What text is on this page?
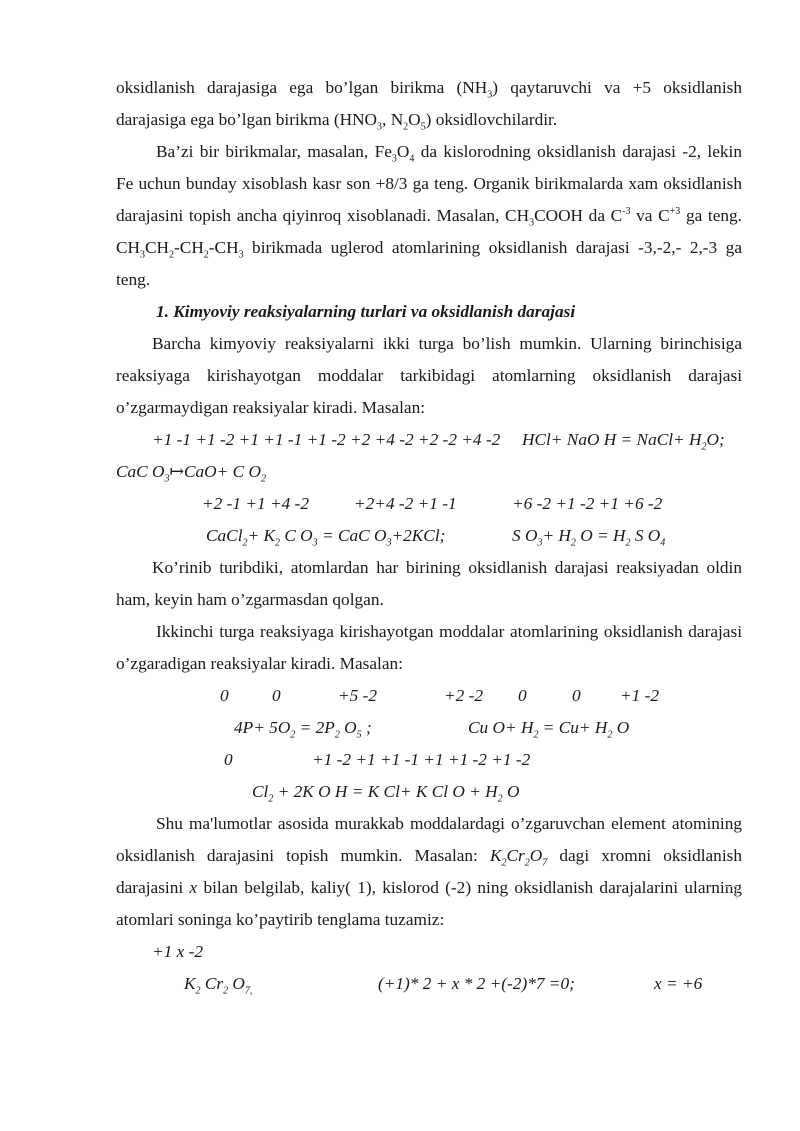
oksidlanish darajasiga ega bo’lgan birikma $(NH_3)$ qaytaruvchi va +5 oksidlanish darajasiga ega bo’lgan birikma ($HNO_3$, $N_2O_5$) oksidlovchilardir.

Ba’zi bir birikmalar, masalan, $Fe_3O_4$ da kislorodning oksidlanish darajasi -2, lekin Fe uchun bunday xisoblash kasr son +8/3 ga teng. Organik birikmalarda xam oksidlanish darajasini topish ancha qiyinroq xisoblanadi. Masalan, $CH_3COOH$ da $C^{-3}$ va $C^{+3}$ ga teng. $CH_3CH_2-CH_2-CH_3$ birikmada uglerod atomlarining oksidlanish darajasi -3,-2,- 2,-3 ga teng.

1. Kimyoviy reaksiyalarning turlari va oksidlanish darajasi

Barcha kimyoviy reaksiyalarni ikki turga bo’lish mumkin. Ularning birinchisiga reaksiyaga kirishayotgan moddalar tarkibidagi atomlarning oksidlanish darajasi o’zgarmaydigan reaksiyalar kiradi. Masalan:

+1 -1 +1 -2 +1 +1 -1 +1 -2 +2 +4 -2 +2 -2 +4 -2 HCl+ NaO H = NaCl+ $H_2O$;
CaC $O_3↦CaO+ C$ $O_2$
+2 -1 +1 +4 -2	+2+4 -2 +1 -1	+6 -2 +1 -2 +1 +6 -2
CaCl$_2$+ $K_2$ C $O_3$ = CaC $O_3+2KCl$;	S $O_3+ H_2$ $O = H_2$ S $O_4$

Ko’rinib turibdiki, atomlardan har birining oksidlanish darajasi reaksiyadan oldin ham, keyin ham o’zgarmasdan qolgan.

Ikkinchi turga reaksiyaga kirishayotgan moddalar atomlarining oksidlanish darajasi o’zgaradigan reaksiyalar kiradi. Masalan:

0	0	+5 -2	+2 -2 0	0 +1 -2
$4P+ 5O_2 = 2P_2$ $O_5$ ;	Cu $O+ H_2 = Cu+ H_2$ O
0	+1 -2 +1 +1 -1 +1 +1 -2 +1 -2
$Cl_2 + 2K$ O H = K Cl+ K Cl $O + H_2$ O

Shu ma'lumotlar asosida murakkab moddalardagi o’zgaruvchan element atomining oksidlanish darajasini topish mumkin. Masalan: $K_2Cr_2O_7$ dagi xromni oksidlanish darajasini x bilan belgilab, kaliy( 1), kislorod (-2) ning oksidlanish darajalarini ularning atomlari soninga ko’paytirib tenglama tuzamiz:

+1 x -2
$K_2$ $Cr_2$ $O_{7,}$	(+1)* 2 + x * 2 +(-2)*7 =0;	x = +6
